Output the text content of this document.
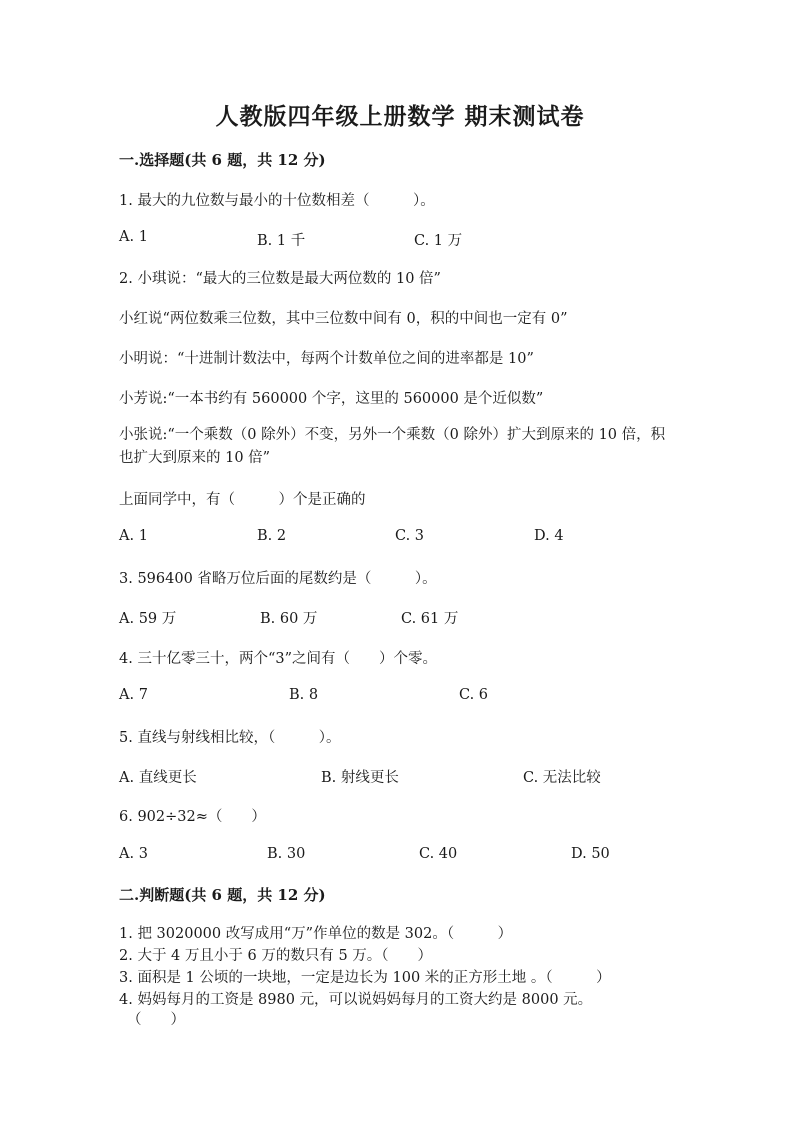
人教版四年级上册数学 期末测试卷
一.选择题(共 6 题，共 12 分)
1. 最大的九位数与最小的十位数相差（　　　）。
A. 1	B. 1 千	C. 1 万
2. 小琪说：“最大的三位数是最大两位数的 10 倍”
小红说“两位数乘三位数，其中三位数中间有 0，积的中间也一定有 0”
小明说：“十进制计数法中，每两个计数单位之间的进率都是 10”
小芳说:“一本书约有 560000 个字，这里的 560000 是个近似数”
小张说:“一个乘数（0 除外）不变，另外一个乘数（0 除外）扩大到原来的 10 倍，积也扩大到原来的 10 倍”
上面同学中，有（　　　）个是正确的
A. 1	B. 2	C. 3	D. 4
3. 596400 省略万位后面的尾数约是（　　　）。
A. 59 万	B. 60 万	C. 61 万
4. 三十亿零三十，两个“3”之间有（　　）个零。
A. 7	B. 8	C. 6
5. 直线与射线相比较，（　　　）。
A. 直线更长	B. 射线更长	C. 无法比较
6. 902÷32≈（　　）
A. 3	B. 30	C. 40	D. 50
二.判断题(共 6 题，共 12 分)
1. 把 3020000 改写成用“万”作单位的数是 302。（　　　）
2. 大于 4 万且小于 6 万的数只有 5 万。（　　）
3. 面积是 1 公顷的一块地，一定是边长为 100 米的正方形土地 。（　　　）
4. 妈妈每月的工资是 8980 元，可以说妈妈每月的工资大约是 8000 元。
（　　）
